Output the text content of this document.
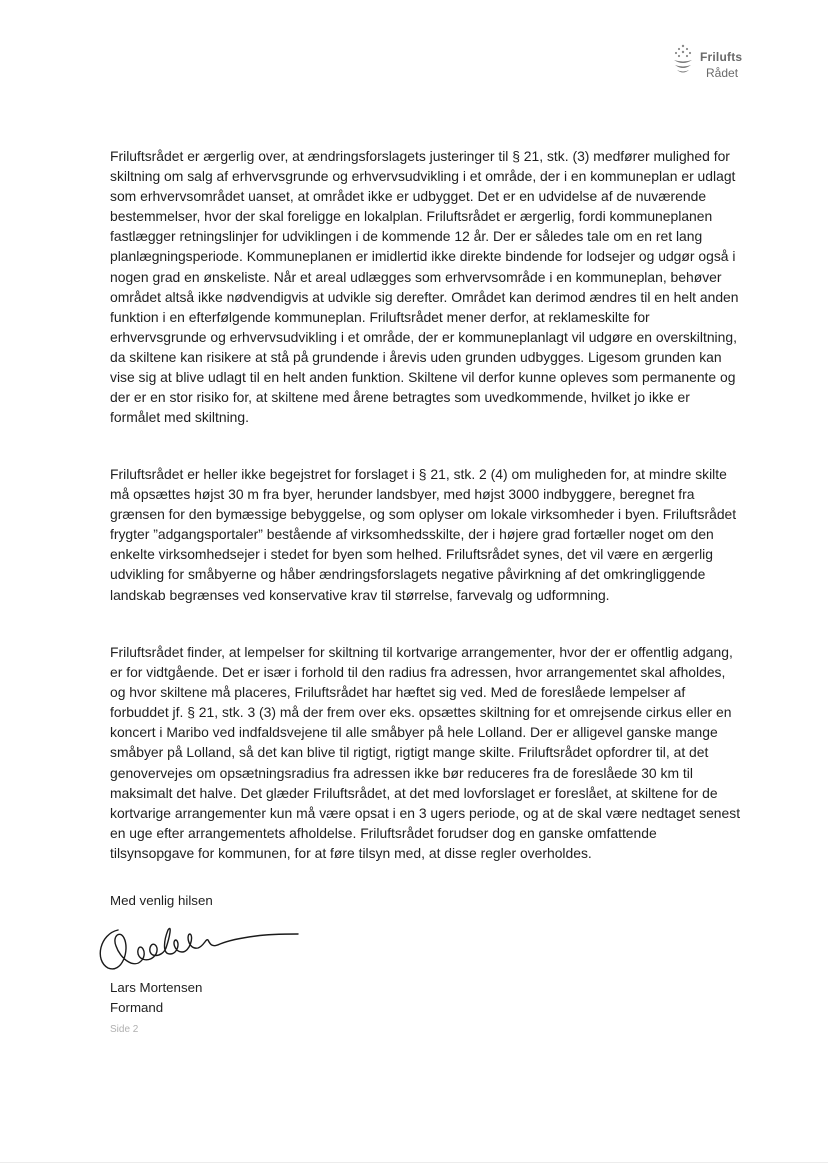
Frilufts
Rådet

Friluftsrådet er ærgerlig over, at ændringsforslagets justeringer til § 21, stk. (3) medfører mulighed for skiltning om salg af erhvervsgrunde og erhvervsudvikling i et område, der i en kommuneplan er udlagt som erhvervsområdet uanset, at området ikke er udbygget. Det er en udvidelse af de nuværende bestemmelser, hvor der skal foreligge en lokalplan. Friluftsrådet er ærgerlig, fordi kommuneplanen fastlægger retningslinjer for udviklingen i de kommende 12 år. Der er således tale om en ret lang planlægningsperiode. Kommuneplanen er imidlertid ikke direkte bindende for lodsejer og udgør også i nogen grad en ønskeliste. Når et areal udlægges som erhvervsområde i en kommuneplan, behøver området altså ikke nødvendigvis at udvikle sig derefter. Området kan derimod ændres til en helt anden funktion i en efterfølgende kommuneplan. Friluftsrådet mener derfor, at reklameskilte for erhvervsgrunde og erhvervsudvikling i et område, der er kommuneplanlagt vil udgøre en overskiltning, da skiltene kan risikere at stå på grundende i årevis uden grunden udbygges. Ligesom grunden kan vise sig at blive udlagt til en helt anden funktion. Skiltene vil derfor kunne opleves som permanente og der er en stor risiko for, at skiltene med årene betragtes som uvedkommende, hvilket jo ikke er formålet med skiltning.

Friluftsrådet er heller ikke begejstret for forslaget i § 21, stk. 2 (4) om muligheden for, at mindre skilte må opsættes højst 30 m fra byer, herunder landsbyer, med højst 3000 indbyggere, beregnet fra grænsen for den bymæssige bebyggelse, og som oplyser om lokale virksomheder i byen. Friluftsrådet frygter ”adgangsportaler” bestående af virksomhedsskilte, der i højere grad fortæller noget om den enkelte virksomhedsejer i stedet for byen som helhed. Friluftsrådet synes, det vil være en ærgerlig udvikling for småbyerne og håber ændringsforslagets negative påvirkning af det omkringliggende landskab begrænses ved konservative krav til størrelse, farvevalg og udformning.

Friluftsrådet finder, at lempelser for skiltning til kortvarige arrangementer, hvor der er offentlig adgang, er for vidtgående. Det er især i forhold til den radius fra adressen, hvor arrangementet skal afholdes, og hvor skiltene må placeres, Friluftsrådet har hæftet sig ved. Med de foreslåede lempelser af forbuddet jf. § 21, stk. 3 (3) må der frem over eks. opsættes skiltning for et omrejsende cirkus eller en koncert i Maribo ved indfaldsvejene til alle småbyer på hele Lolland. Der er alligevel ganske mange småbyer på Lolland, så det kan blive til rigtigt, rigtigt mange skilte. Friluftsrådet opfordrer til, at det genovervejes om opsætningsradius fra adressen ikke bør reduceres fra de foreslåede 30 km til maksimalt det halve. Det glæder Friluftsrådet, at det med lovforslaget er foreslået, at skiltene for de kortvarige arrangementer kun må være opsat i en 3 ugers periode, og at de skal være nedtaget senest en uge efter arrangementets afholdelse. Friluftsrådet forudser dog en ganske omfattende tilsynsopgave for kommunen, for at føre tilsyn med, at disse regler overholdes.

Med venlig hilsen
Lars Mortensen
Formand
Side 2
